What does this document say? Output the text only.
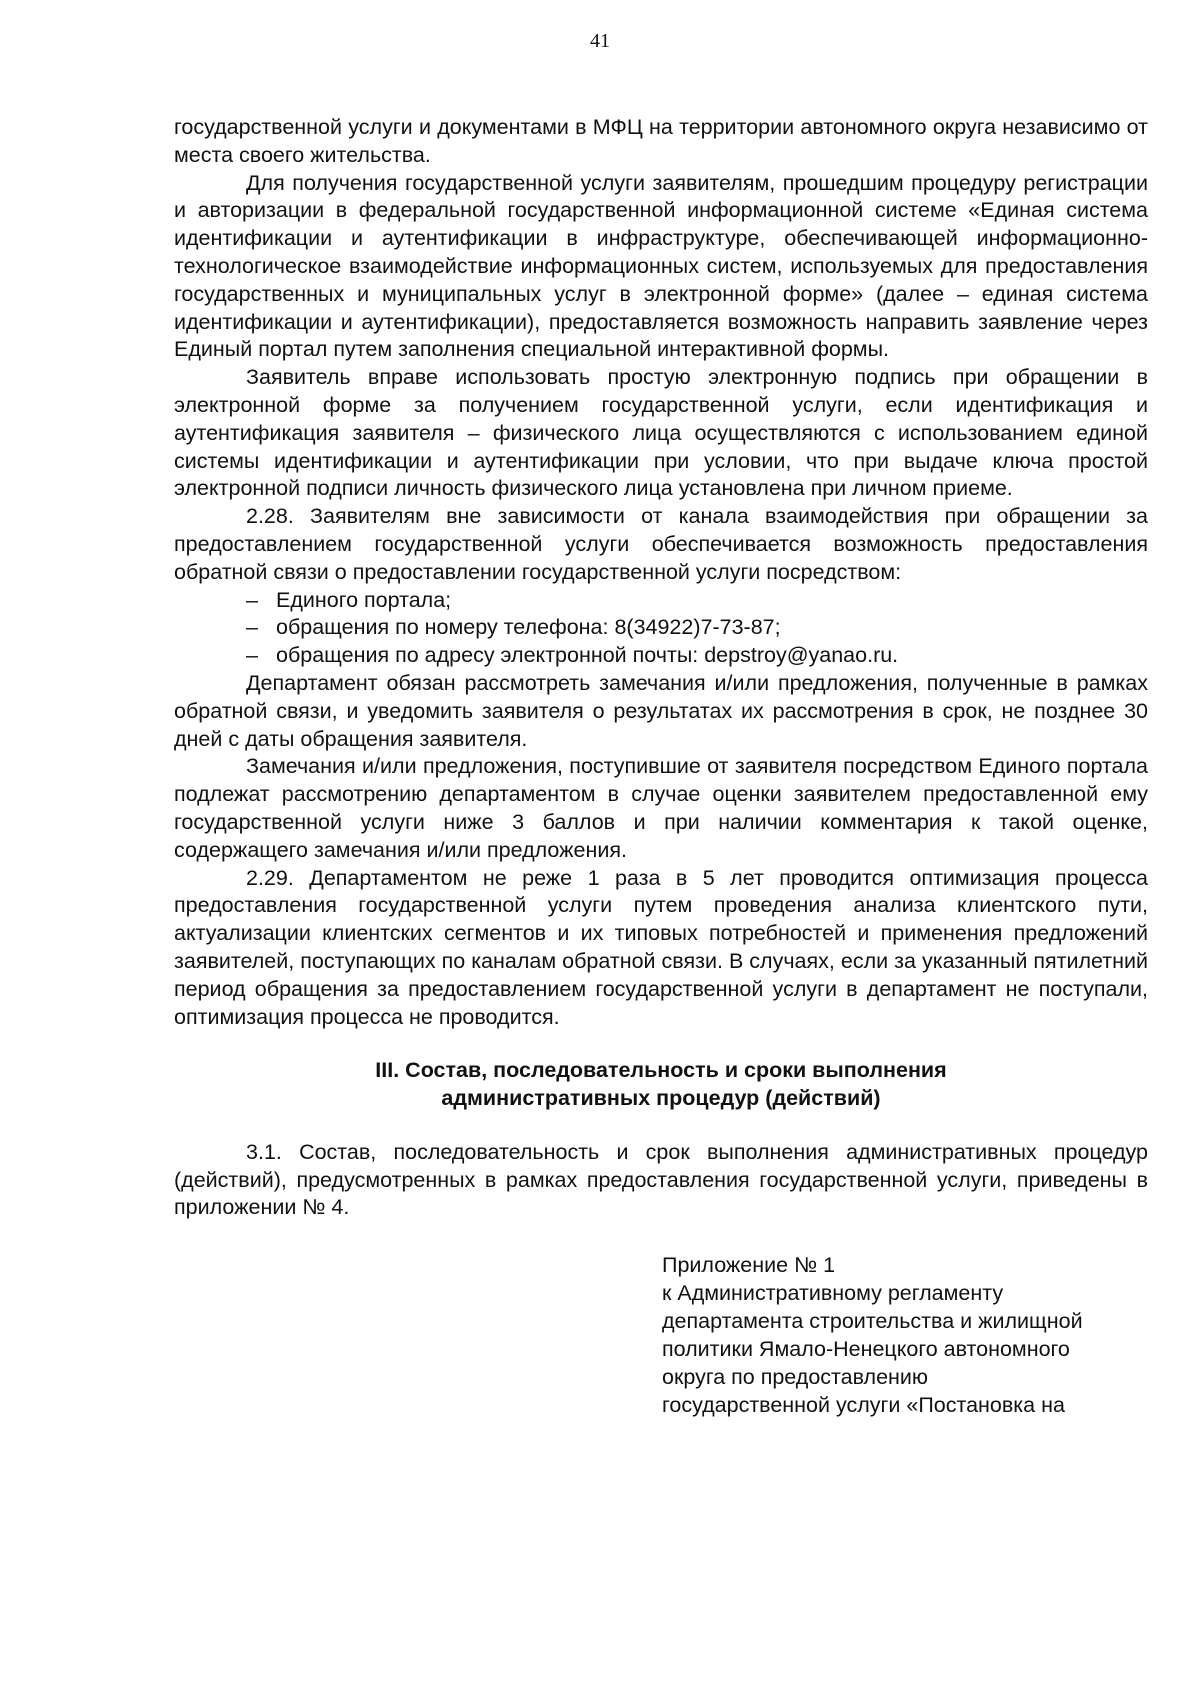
41

государственной услуги и документами в МФЦ на территории автономного округа независимо от места своего жительства.

Для получения государственной услуги заявителям, прошедшим процедуру регистрации и авторизации в федеральной государственной информационной системе «Единая система идентификации и аутентификации в инфраструктуре, обеспечивающей информационно-технологическое взаимодействие информационных систем, используемых для предоставления государственных и муниципальных услуг в электронной форме» (далее – единая система идентификации и аутентификации), предоставляется возможность направить заявление через Единый портал путем заполнения специальной интерактивной формы.

Заявитель вправе использовать простую электронную подпись при обращении в электронной форме за получением государственной услуги, если идентификация и аутентификация заявителя – физического лица осуществляются с использованием единой системы идентификации и аутентификации при условии, что при выдаче ключа простой электронной подписи личность физического лица установлена при личном приеме.

2.28. Заявителям вне зависимости от канала взаимодействия при обращении за предоставлением государственной услуги обеспечивается возможность предоставления обратной связи о предоставлении государственной услуги посредством:

– Единого портала;
– обращения по номеру телефона: 8(34922)7-73-87;
– обращения по адресу электронной почты: depstroy@yanao.ru.

Департамент обязан рассмотреть замечания и/или предложения, полученные в рамках обратной связи, и уведомить заявителя о результатах их рассмотрения в срок, не позднее 30 дней с даты обращения заявителя.

Замечания и/или предложения, поступившие от заявителя посредством Единого портала подлежат рассмотрению департаментом в случае оценки заявителем предоставленной ему государственной услуги ниже 3 баллов и при наличии комментария к такой оценке, содержащего замечания и/или предложения.

2.29. Департаментом не реже 1 раза в 5 лет проводится оптимизация процесса предоставления государственной услуги путем проведения анализа клиентского пути, актуализации клиентских сегментов и их типовых потребностей и применения предложений заявителей, поступающих по каналам обратной связи. В случаях, если за указанный пятилетний период обращения за предоставлением государственной услуги в департамент не поступали, оптимизация процесса не проводится.

III. Состав, последовательность и сроки выполнения
административных процедур (действий)

3.1. Состав, последовательность и срок выполнения административных процедур (действий), предусмотренных в рамках предоставления государственной услуги, приведены в приложении № 4.

Приложение № 1
к Административному регламенту
департамента строительства и жилищной
политики Ямало-Ненецкого автономного
округа по предоставлению
государственной услуги «Постановка на
